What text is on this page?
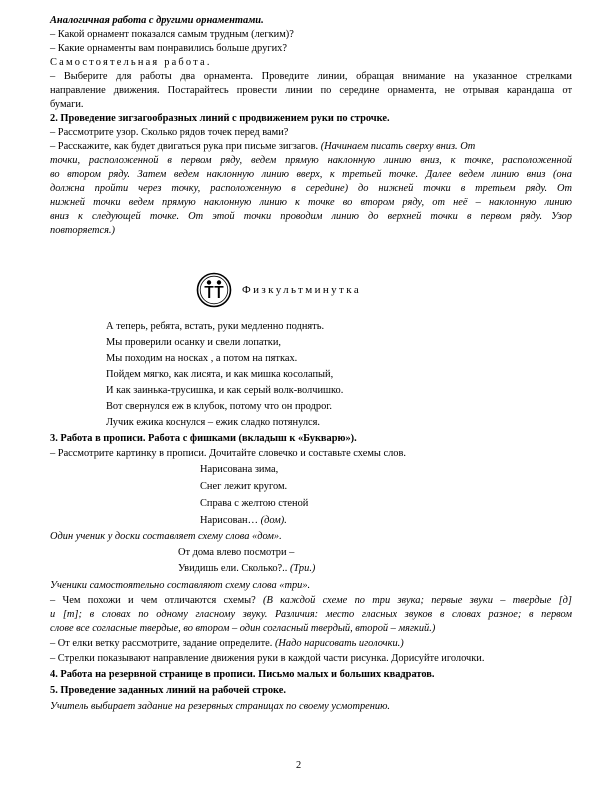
Аналогичная работа с другими орнаментами.
– Какой орнамент показался самым трудным (легким)?
– Какие орнаменты вам понравились больше других?
Самостоятельная работа.
– Выберите для работы два орнамента. Проведите линии, обращая внимание на указанное стрелками
направление движения. Постарайтесь провести линии по середине орнамента, не отрывая карандаша от
бумаги.
2. Проведение зигзагообразных линий с продвижением руки по строчке.
– Рассмотрите узор. Сколько рядов точек перед вами?
– Расскажите, как будет двигаться рука при письме зигзагов. (Начинаем писать сверху вниз. От
точки, расположенной в первом ряду, ведем прямую наклонную линию вниз, к точке, расположенной
во втором ряду. Затем ведем наклонную линию вверх, к третьей точке. Далее ведем линию вниз (она
должна пройти через точку, расположенную в середине) до нижней точки в третьем ряду. От
нижней точки ведем прямую наклонную линию к точке во втором ряду, от неё – наклонную линию
вниз к следующей точке. От этой точки проводим линию до верхней точки в первом ряду. Узор
повторяется.)
Физкультминутка
А теперь, ребята, встать, руки медленно поднять.
Мы проверили осанку и свели лопатки,
Мы походим на носках , а потом на пятках.
Пойдем мягко, как лисята, и как мишка косолапый,
И как заинька-трусишка, и как серый волк-волчишко.
Вот свернулся еж в клубок, потому что он продрог.
Лучик ежика коснулся – ежик сладко потянулся.
3. Работа в прописи. Работа с фишками (вкладыш к «Букварю»).
– Рассмотрите картинку в прописи. Дочитайте словечко и составьте схемы слов.
Нарисована зима,
Снег лежит кругом.
Справа с желтою стеной
Нарисован… (дом).
Один ученик у доски составляет схему слова «дом».
От дома влево посмотри –
Увидишь ели. Сколько?.. (Три.)
Ученики самостоятельно составляют схему слова «три».
– Чем похожи и чем отличаются схемы? (В каждой схеме по три звука; первые звуки – твердые [д]
и [т]; в словах по одному гласному звуку. Различия: место гласных звуков в словах разное; в первом
слове все согласные твердые, во втором – один согласный твердый, второй – мягкий.)
– От елки ветку рассмотрите, задание определите. (Надо нарисовать иголочки.)
– Стрелки показывают направление движения руки в каждой части рисунка. Дорисуйте иголочки.
4. Работа на резервной странице в прописи. Письмо малых и больших квадратов.
5. Проведение заданных линий на рабочей строке.
Учитель выбирает задание на резервных страницах по своему усмотрению.
2
